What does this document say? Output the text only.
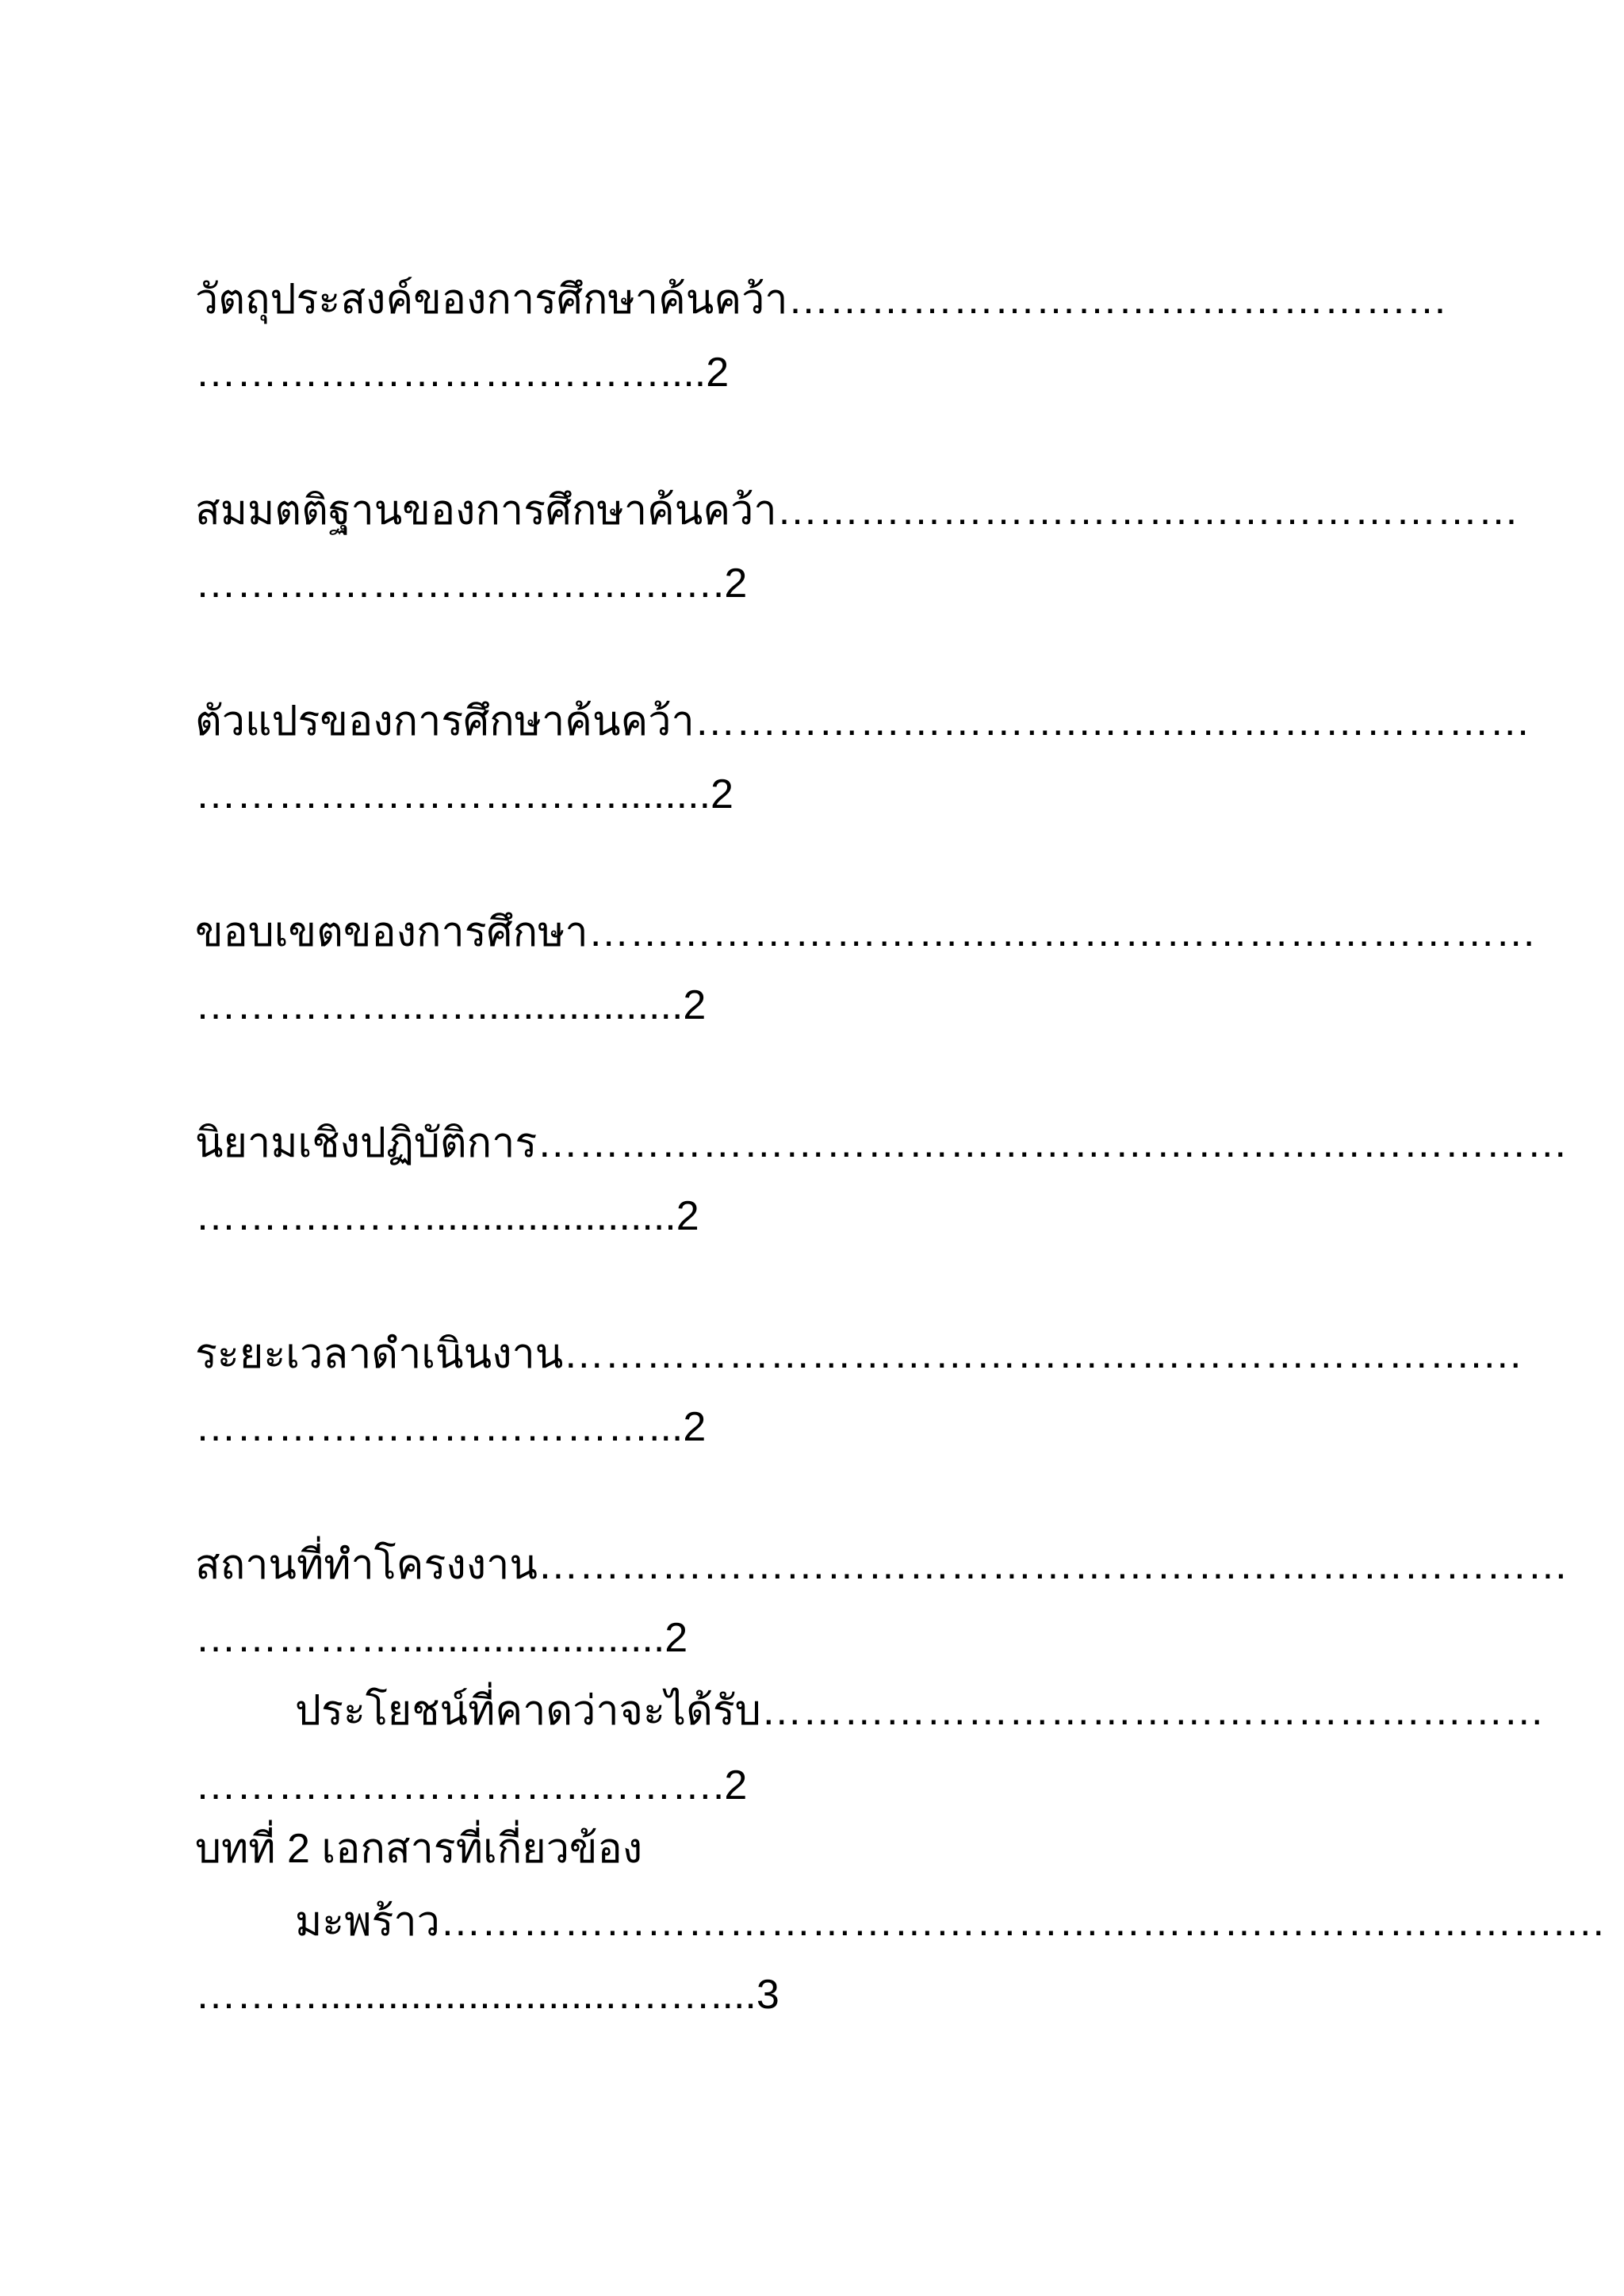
วัตถุประสงค์ของการศึกษาค้นคว้า…………………………………………
…………………….………....2
สมมตติฐานของการศึกษาค้นคว้า………………………………………………
……….………….…………….2
ตัวแปรของการศึกษาค้นคว้า……………………….……………………………
…………………….……........2
ขอบเขตของการศึกษา……………………………………………………………
……………..…...................2
นิยามเชิงปฏิบัติการ…………………………………………………………………
………..……......................2
ระยะเวลาดำเนินงาน………………………………………………………….…
……………………………...2
สถานที่ทำโครงงาน…………………………………………………………………
…………….......................2
ประโยชน์ที่คาดว่าจะได้รับ…………………………………………………
………………………..……….2
บทที่ 2 เอกสารที่เกี่ยวข้อง
มะพร้าว……………………………………………………………………….…
………..........................….…....3
